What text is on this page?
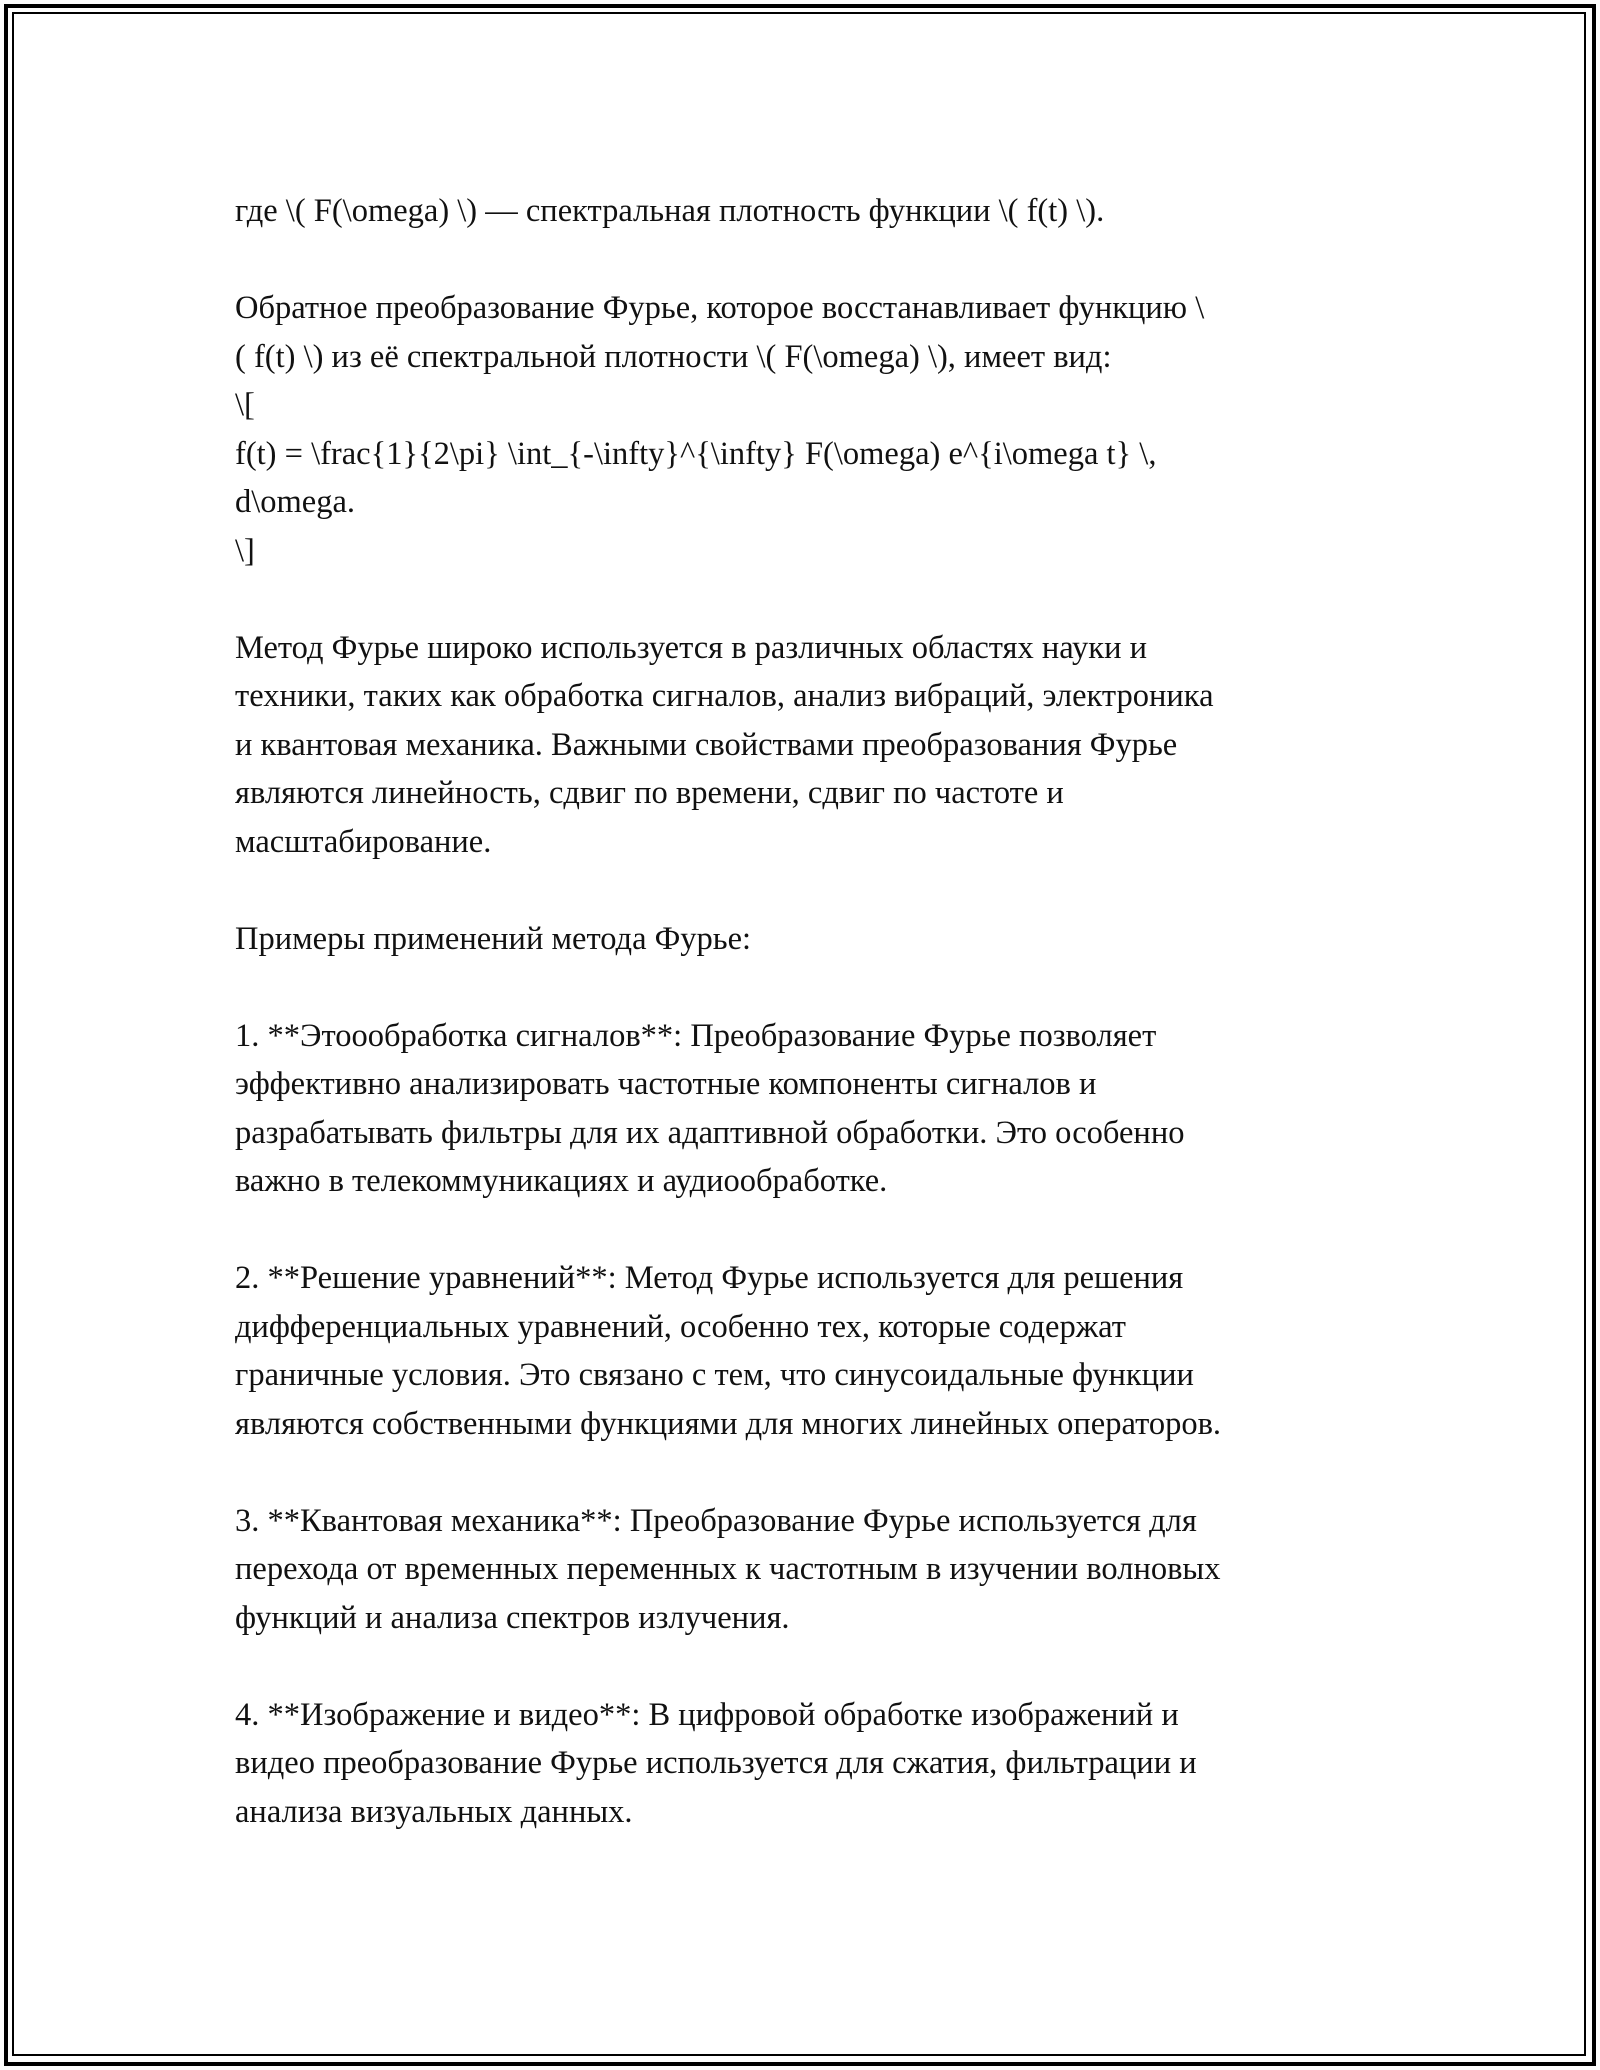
где \( F(\omega) \) — спектральная плотность функции \( f(t) \).
Обратное преобразование Фурье, которое восстанавливает функцию \
( f(t) \) из её спектральной плотности \( F(\omega) \), имеет вид:
\[
f(t) = \frac{1}{2\pi} \int_{-\infty}^{\infty} F(\omega) e^{i\omega t} \,
d\omega.
\]
Метод Фурье широко используется в различных областях науки и
техники, таких как обработка сигналов, анализ вибраций, электроника
и квантовая механика. Важными свойствами преобразования Фурье
являются линейность, сдвиг по времени, сдвиг по частоте и
масштабирование.
Примеры применений метода Фурье:
1. **Этоообработка сигналов**: Преобразование Фурье позволяет
эффективно анализировать частотные компоненты сигналов и
разрабатывать фильтры для их адаптивной обработки. Это особенно
важно в телекоммуникациях и аудиообработке.
2. **Решение уравнений**: Метод Фурье используется для решения
дифференциальных уравнений, особенно тех, которые содержат
граничные условия. Это связано с тем, что синусоидальные функции
являются собственными функциями для многих линейных операторов.
3. **Квантовая механика**: Преобразование Фурье используется для
перехода от временных переменных к частотным в изучении волновых
функций и анализа спектров излучения.
4. **Изображение и видео**: В цифровой обработке изображений и
видео преобразование Фурье используется для сжатия, фильтрации и
анализа визуальных данных.
